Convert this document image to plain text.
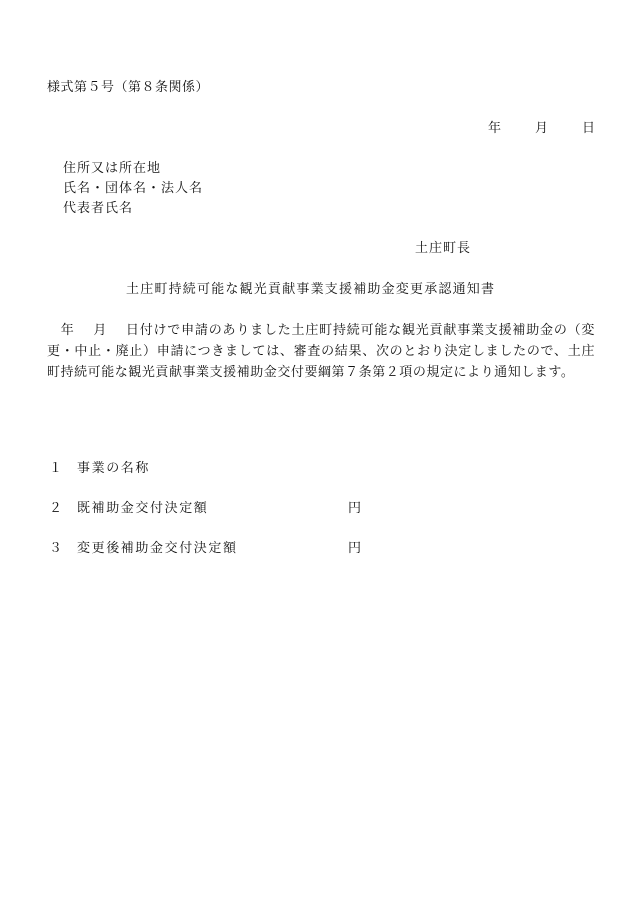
様式第５号（第８条関係）
年	月	日
住所又は所在地
氏名・団体名・法人名
代表者氏名
土庄町長
土庄町持続可能な観光貢献事業支援補助金変更承認通知書
　年　 月　 日付けで申請のありました土庄町持続可能な観光貢献事業支援補助金の（変更・中止・廃止）申請につきましては、審査の結果、次のとおり決定しましたので、土庄町持続可能な観光貢献事業支援補助金交付要綱第７条第２項の規定により通知します。
１ 事業の名称
２ 既補助金交付決定額	円
３ 変更後補助金交付決定額	円
